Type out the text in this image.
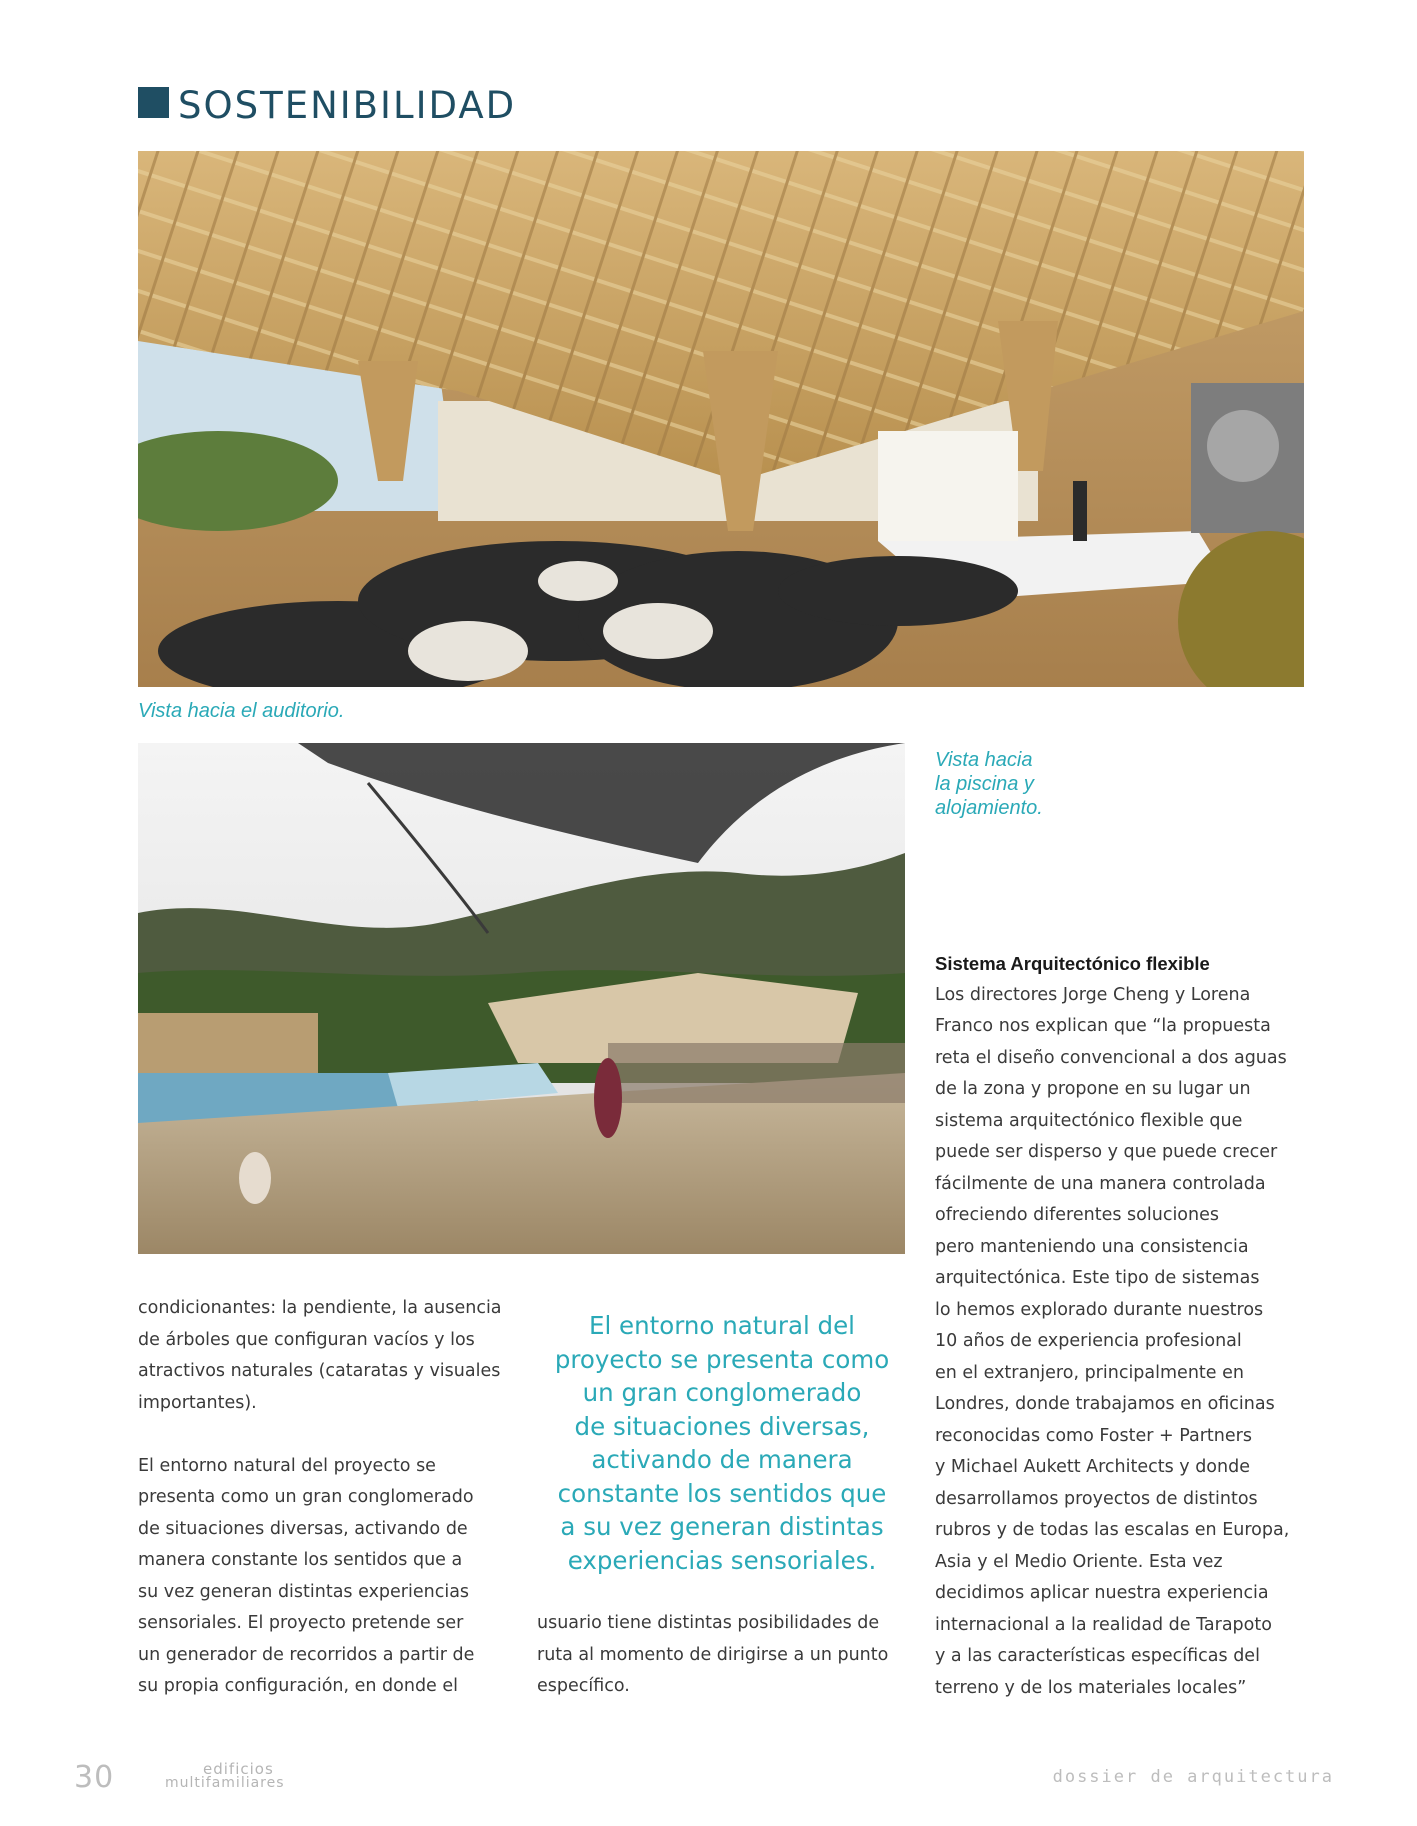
SOSTENIBILIDAD
Vista hacia el auditorio.
Vista hacia
la piscina y
alojamiento.

condicionantes: la pendiente, la ausencia
de árboles que configuran vacíos y los
atractivos naturales (cataratas y visuales
importantes).

El entorno natural del proyecto se
presenta como un gran conglomerado
de situaciones diversas, activando de
manera constante los sentidos que a
su vez generan distintas experiencias
sensoriales. El proyecto pretende ser
un generador de recorridos a partir de
su propia configuración, en donde el

El entorno natural del
proyecto se presenta como
un gran conglomerado
de situaciones diversas,
activando de manera
constante los sentidos que
a su vez generan distintas
experiencias sensoriales.
usuario tiene distintas posibilidades de
ruta al momento de dirigirse a un punto
específico.
Sistema Arquitectónico flexible
Los directores Jorge Cheng y Lorena
Franco nos explican que “la propuesta
reta el diseño convencional a dos aguas
de la zona y propone en su lugar un
sistema arquitectónico flexible que
puede ser disperso y que puede crecer
fácilmente de una manera controlada
ofreciendo diferentes soluciones
pero manteniendo una consistencia
arquitectónica. Este tipo de sistemas
lo hemos explorado durante nuestros
10 años de experiencia profesional
en el extranjero, principalmente en
Londres, donde trabajamos en oficinas
reconocidas como Foster + Partners
y Michael Aukett Architects y donde
desarrollamos proyectos de distintos
rubros y de todas las escalas en Europa,
Asia y el Medio Oriente. Esta vez
decidimos aplicar nuestra experiencia
internacional a la realidad de Tarapoto
y a las características específicas del
terreno y de los materiales locales”
30	edificios
multifamiliares	dossier de arquitectura
